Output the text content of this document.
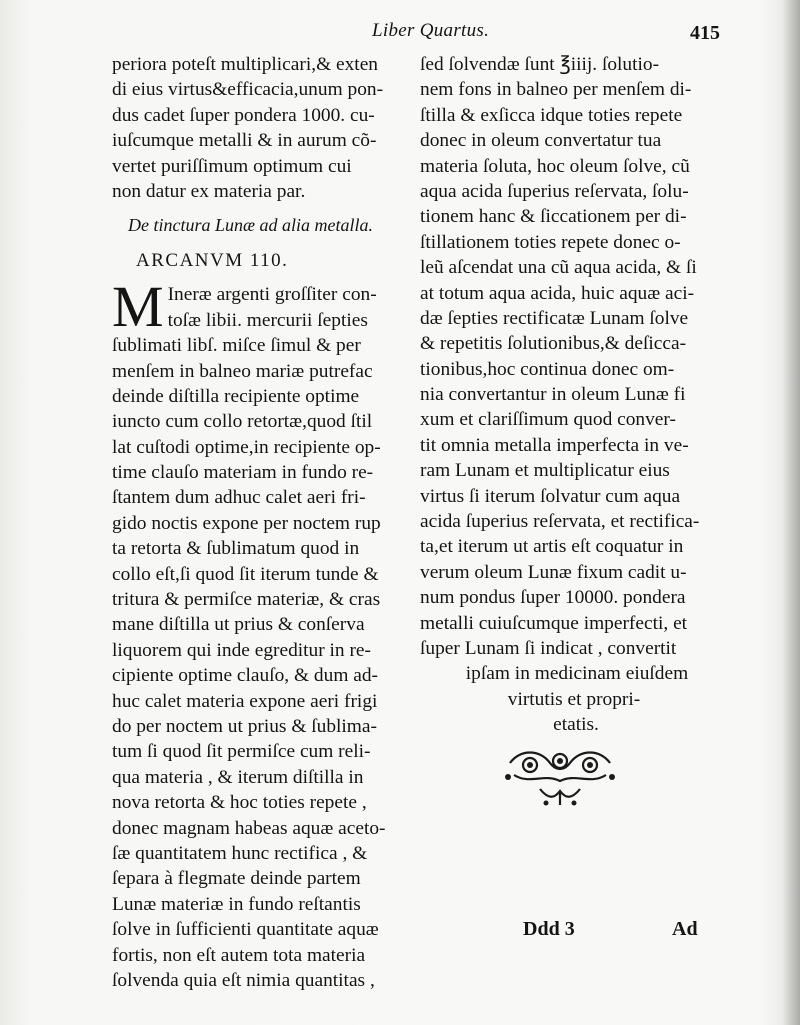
Liber Quartus.	415

periora poteſt multiplicari,& exten
di eius virtus&efficacia,unum pon-
dus cadet ſuper pondera 1000. cu-
iuſcumque metalli & in aurum cõ-
vertet puriſſimum optimum cui
non datur ex materia par.
De tinctura Lunæ ad alia metalla.
ARCANVM 110.
M Ineræ argenti groſſiter con-
toſæ libii. mercurii ſepties
ſublimati libſ. miſce ſimul & per
menſem in balneo mariæ putrefac
deinde diſtilla recipiente optime
iuncto cum collo retortæ,quod ſtil
lat cuſtodi optime,in recipiente op-
time clauſo materiam in fundo re-
ſtantem dum adhuc calet aeri fri-
gido noctis expone per noctem rup
ta retorta & ſublimatum quod in
collo eſt,ſi quod ſit iterum tunde &
tritura & permiſce materiæ, & cras
mane diſtilla ut prius & conſerva
liquorem qui inde egreditur in re-
cipiente optime clauſo, & dum ad-
huc calet materia expone aeri frigi
do per noctem ut prius & ſublima-
tum ſi quod ſit permiſce cum reli-
qua materia , & iterum diſtilla in
nova retorta & hoc toties repete ,
donec magnam habeas aquæ aceto-
ſæ quantitatem hunc rectifica , &
ſepara à flegmate deinde partem
Lunæ materiæ in fundo reſtantis
ſolve in ſufficienti quantitate aquæ
fortis, non eſt autem tota materia
ſolvenda quia eſt nimia quantitas ,
ſed ſolvendæ ſunt ℥iiij. ſolutio-
nem fons in balneo per menſem di-
ſtilla & exſicca idque toties repete
donec in oleum convertatur tua
materia ſoluta, hoc oleum ſolve, cũ
aqua acida ſuperius reſervata, ſolu-
tionem hanc & ſiccationem per di-
ſtillationem toties repete donec o-
leũ aſcendat una cũ aqua acida, & ſi
at totum aqua acida, huic aquæ aci-
dæ ſepties rectificatæ Lunam ſolve
& repetitis ſolutionibus,& deſicca-
tionibus,hoc continua donec om-
nia convertantur in oleum Lunæ fi
xum et clariſſimum quod conver-
tit omnia metalla imperfecta in ve-
ram Lunam et multiplicatur eius
virtus ſi iterum ſolvatur cum aqua
acida ſuperius reſervata, et rectifica-
ta,et iterum ut artis eſt coquatur in
verum oleum Lunæ fixum cadit u-
num pondus ſuper 10000. pondera
metalli cuiuſcumque imperfecti, et
ſuper Lunam ſi indicat , convertit
ipſam in medicinam eiuſdem
virtutis et propri-
etatis.
Ddd 3	Ad
